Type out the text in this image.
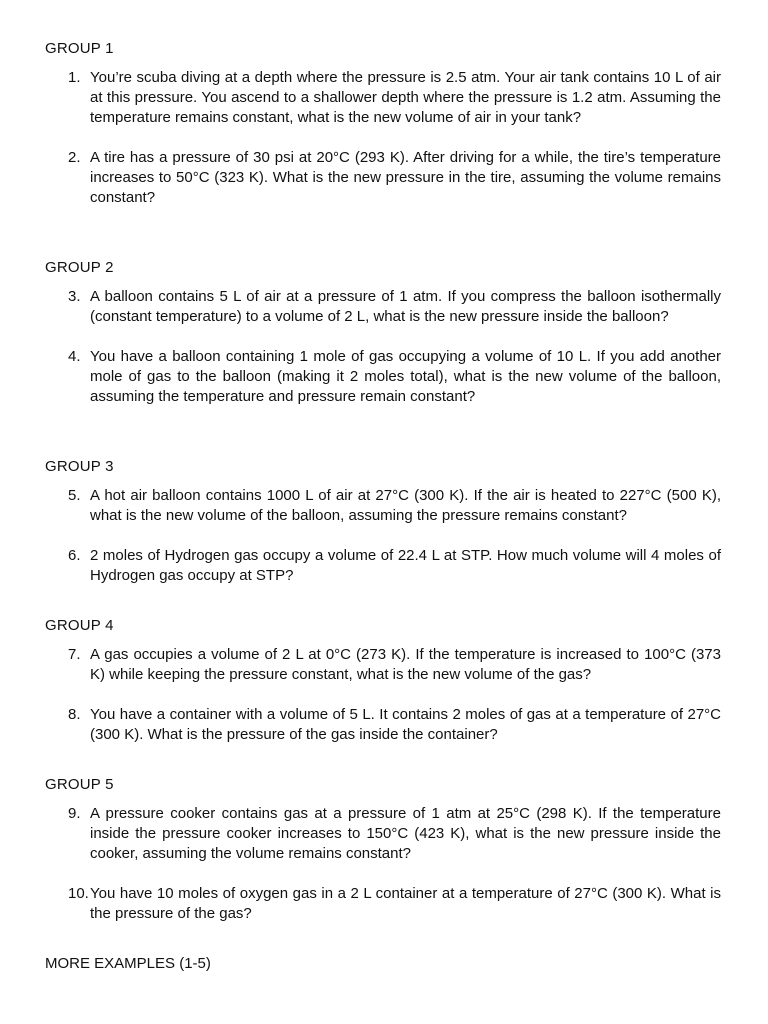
GROUP 1
1. You’re scuba diving at a depth where the pressure is 2.5 atm. Your air tank contains 10 L of air at this pressure. You ascend to a shallower depth where the pressure is 1.2 atm. Assuming the temperature remains constant, what is the new volume of air in your tank?
2. A tire has a pressure of 30 psi at 20°C (293 K). After driving for a while, the tire’s temperature increases to 50°C (323 K). What is the new pressure in the tire, assuming the volume remains constant?
GROUP 2
3. A balloon contains 5 L of air at a pressure of 1 atm. If you compress the balloon isothermally (constant temperature) to a volume of 2 L, what is the new pressure inside the balloon?
4. You have a balloon containing 1 mole of gas occupying a volume of 10 L. If you add another mole of gas to the balloon (making it 2 moles total), what is the new volume of the balloon, assuming the temperature and pressure remain constant?
GROUP 3
5. A hot air balloon contains 1000 L of air at 27°C (300 K). If the air is heated to 227°C (500 K), what is the new volume of the balloon, assuming the pressure remains constant?
6. 2 moles of Hydrogen gas occupy a volume of 22.4 L at STP. How much volume will 4 moles of Hydrogen gas occupy at STP?
GROUP 4
7. A gas occupies a volume of 2 L at 0°C (273 K). If the temperature is increased to 100°C (373 K) while keeping the pressure constant, what is the new volume of the gas?
8. You have a container with a volume of 5 L. It contains 2 moles of gas at a temperature of 27°C (300 K). What is the pressure of the gas inside the container?
GROUP 5
9. A pressure cooker contains gas at a pressure of 1 atm at 25°C (298 K). If the temperature inside the pressure cooker increases to 150°C (423 K), what is the new pressure inside the cooker, assuming the volume remains constant?
10. You have 10 moles of oxygen gas in a 2 L container at a temperature of 27°C (300 K). What is the pressure of the gas?

MORE EXAMPLES (1-5)
